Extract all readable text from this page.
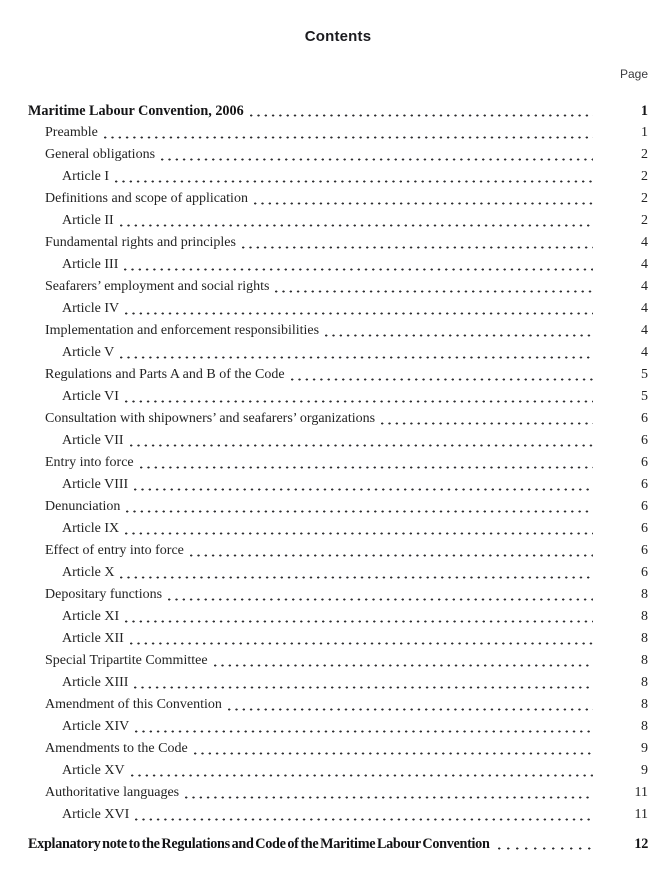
Contents
Page
Maritime Labour Convention, 2006	1
Preamble	1
General obligations	2
Article I	2
Definitions and scope of application	2
Article II	2
Fundamental rights and principles	4
Article III	4
Seafarers’ employment and social rights	4
Article IV	4
Implementation and enforcement responsibilities	4
Article V	4
Regulations and Parts A and B of the Code	5
Article VI	5
Consultation with shipowners’ and seafarers’ organizations	6
Article VII	6
Entry into force	6
Article VIII	6
Denunciation	6
Article IX	6
Effect of entry into force	6
Article X	6
Depositary functions	8
Article XI	8
Article XII	8
Special Tripartite Committee	8
Article XIII	8
Amendment of this Convention	8
Article XIV	8
Amendments to the Code	9
Article XV	9
Authoritative languages	11
Article XVI	11
Explanatory note to the Regulations and Code of the Maritime Labour Convention	12
